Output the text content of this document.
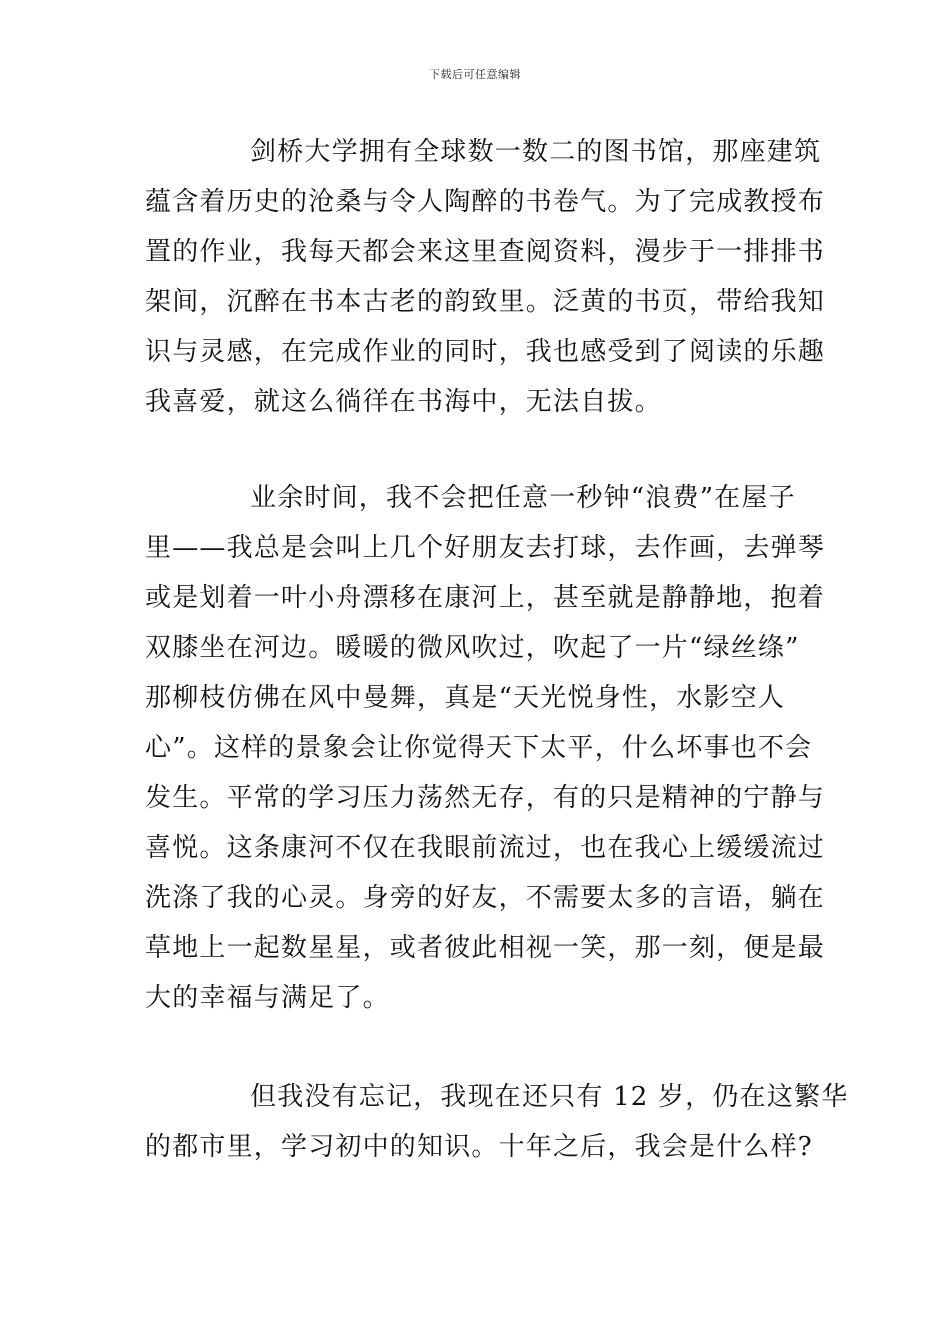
下载后可任意编辑
剑桥大学拥有全球数一数二的图书馆，那座建筑
蕴含着历史的沧桑与令人陶醉的书卷气。为了完成教授布
置的作业，我每天都会来这里查阅资料，漫步于一排排书
架间，沉醉在书本古老的韵致里。泛黄的书页，带给我知
识与灵感，在完成作业的同时，我也感受到了阅读的乐趣
我喜爱，就这么徜徉在书海中，无法自拔。
业余时间，我不会把任意一秒钟“浪费”在屋子
里——我总是会叫上几个好朋友去打球，去作画，去弹琴
或是划着一叶小舟漂移在康河上，甚至就是静静地，抱着
双膝坐在河边。暖暖的微风吹过，吹起了一片“绿丝绦”
那柳枝仿佛在风中曼舞，真是“天光悦身性，水影空人
心”。这样的景象会让你觉得天下太平，什么坏事也不会
发生。平常的学习压力荡然无存，有的只是精神的宁静与
喜悦。这条康河不仅在我眼前流过，也在我心上缓缓流过
洗涤了我的心灵。身旁的好友，不需要太多的言语，躺在
草地上一起数星星，或者彼此相视一笑，那一刻，便是最
大的幸福与满足了。
但我没有忘记，我现在还只有 12 岁，仍在这繁华
的都市里，学习初中的知识。十年之后，我会是什么样?
